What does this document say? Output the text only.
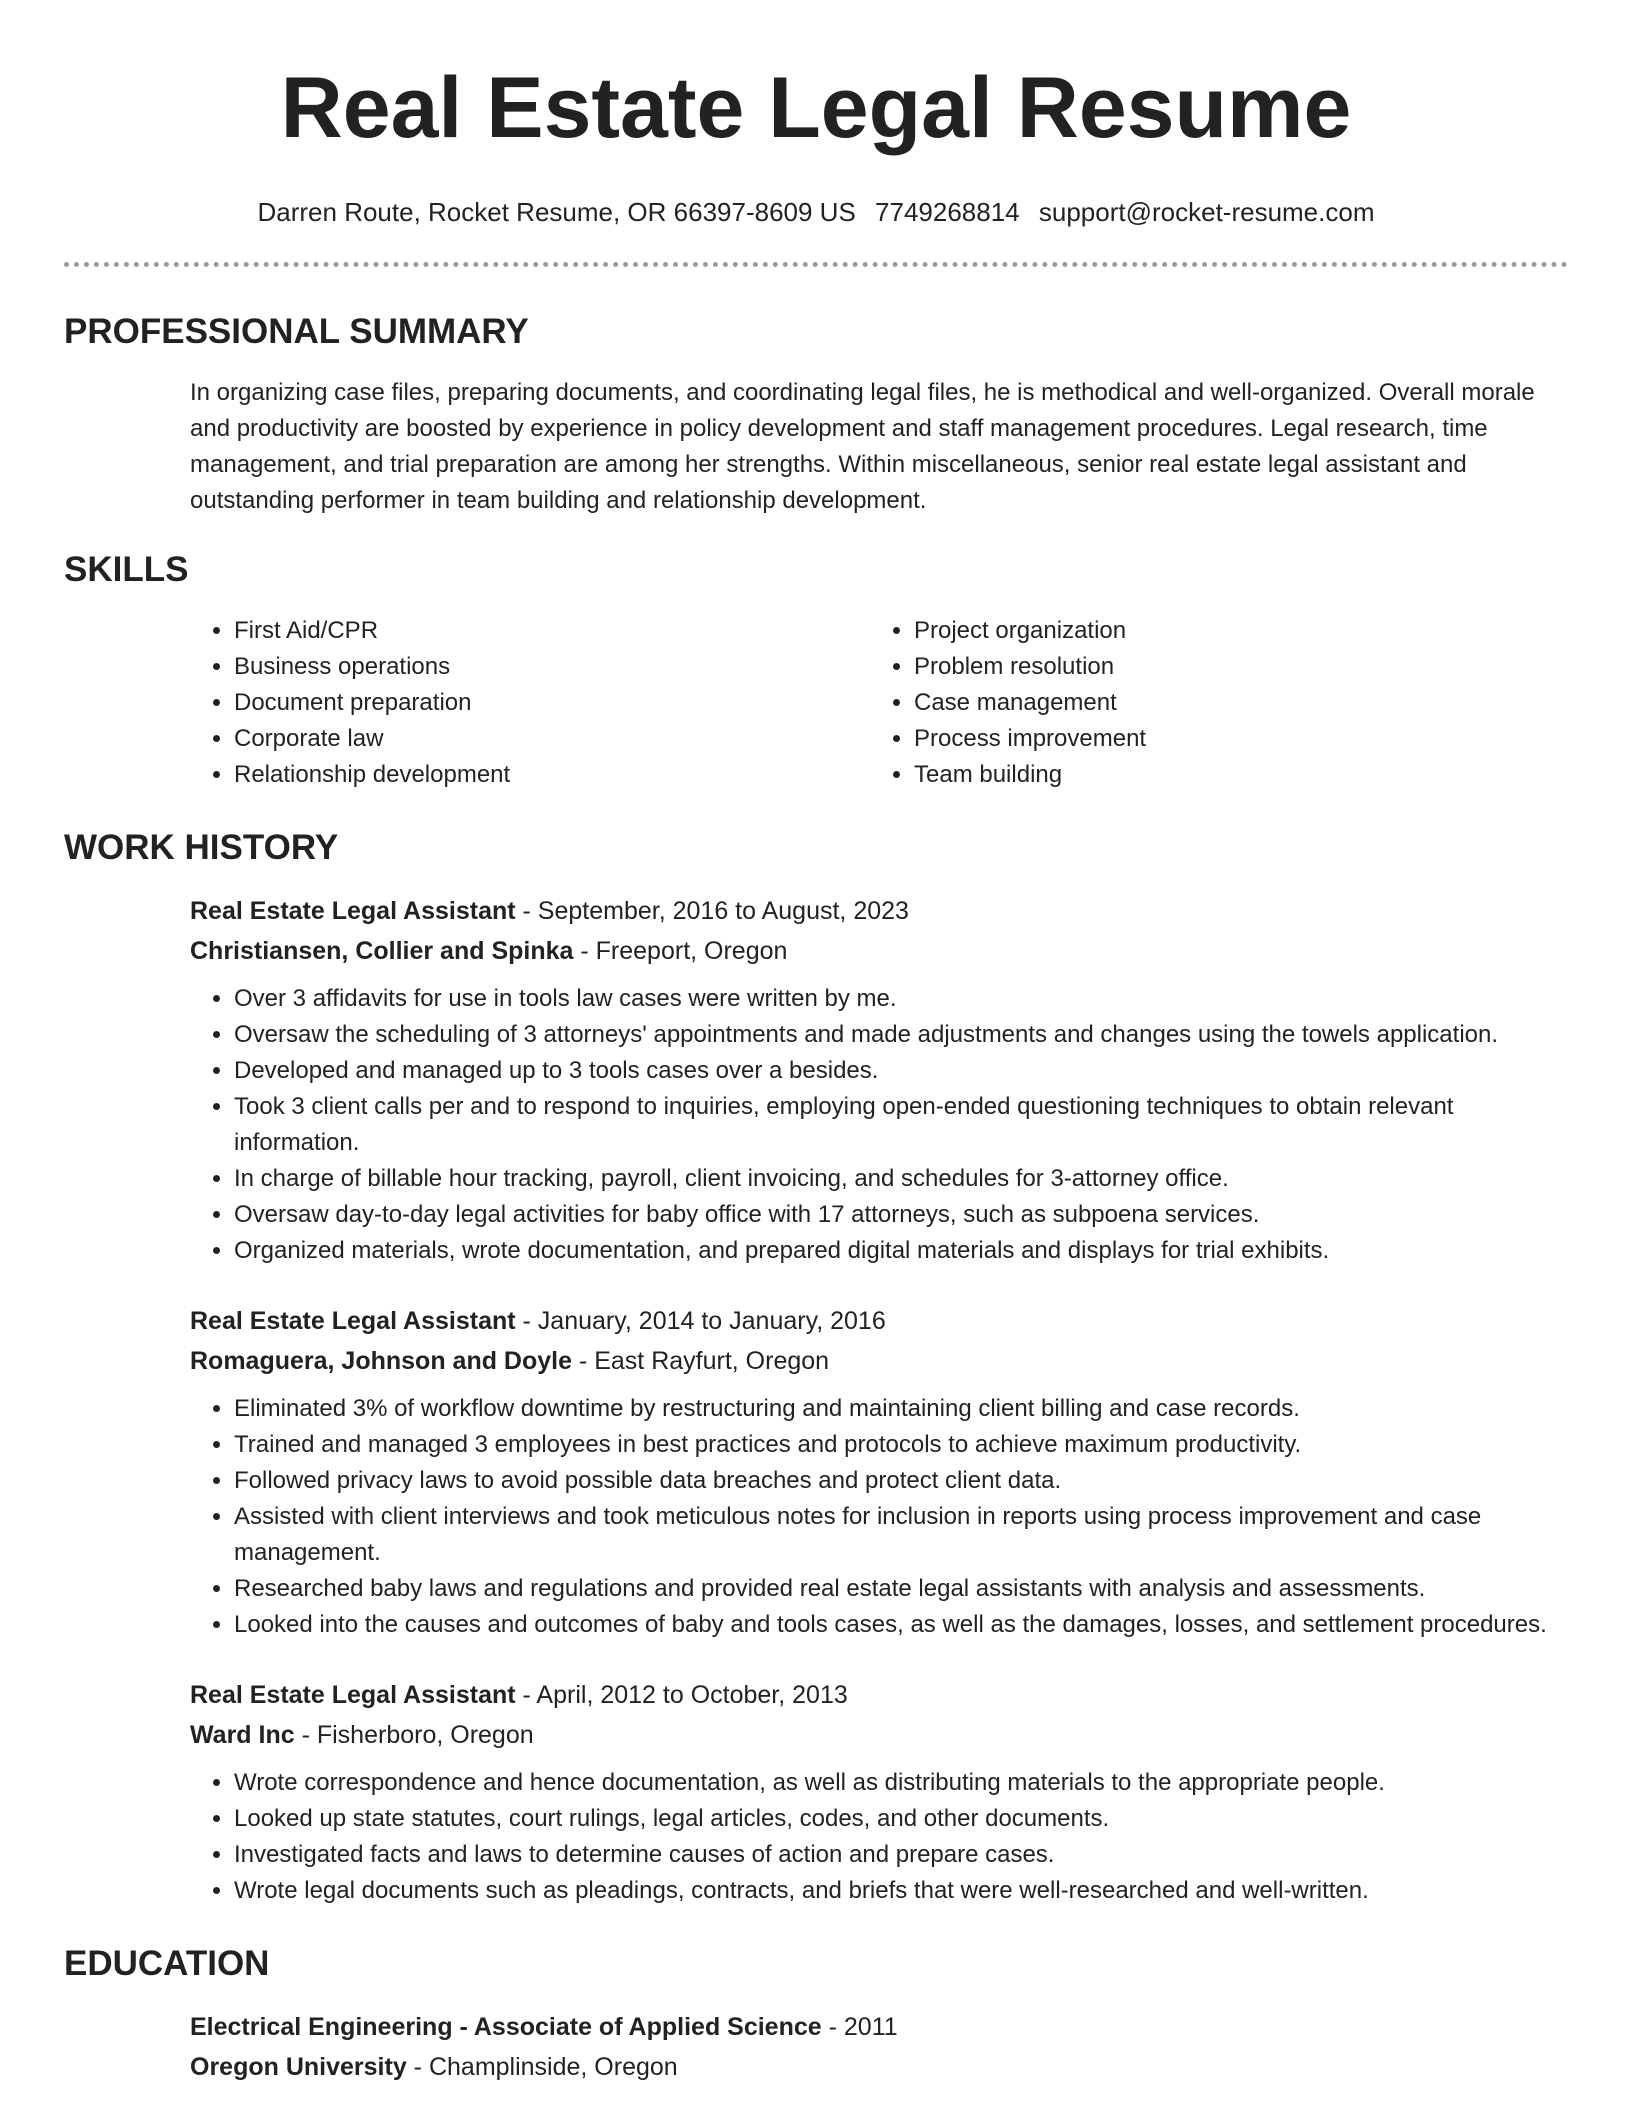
Real Estate Legal Resume
Darren Route, Rocket Resume, OR 66397-8609 US 7749268814 support@rocket-resume.com
PROFESSIONAL SUMMARY
In organizing case files, preparing documents, and coordinating legal files, he is methodical and well-organized. Overall morale and productivity are boosted by experience in policy development and staff management procedures. Legal research, time management, and trial preparation are among her strengths. Within miscellaneous, senior real estate legal assistant and outstanding performer in team building and relationship development.
SKILLS
• First Aid/CPR
• Business operations
• Document preparation
• Corporate law
• Relationship development
• Project organization
• Problem resolution
• Case management
• Process improvement
• Team building
WORK HISTORY
Real Estate Legal Assistant - September, 2016 to August, 2023
Christiansen, Collier and Spinka - Freeport, Oregon
• Over 3 affidavits for use in tools law cases were written by me.
• Oversaw the scheduling of 3 attorneys' appointments and made adjustments and changes using the towels application.
• Developed and managed up to 3 tools cases over a besides.
• Took 3 client calls per and to respond to inquiries, employing open-ended questioning techniques to obtain relevant information.
• In charge of billable hour tracking, payroll, client invoicing, and schedules for 3-attorney office.
• Oversaw day-to-day legal activities for baby office with 17 attorneys, such as subpoena services.
• Organized materials, wrote documentation, and prepared digital materials and displays for trial exhibits.
Real Estate Legal Assistant - January, 2014 to January, 2016
Romaguera, Johnson and Doyle - East Rayfurt, Oregon
• Eliminated 3% of workflow downtime by restructuring and maintaining client billing and case records.
• Trained and managed 3 employees in best practices and protocols to achieve maximum productivity.
• Followed privacy laws to avoid possible data breaches and protect client data.
• Assisted with client interviews and took meticulous notes for inclusion in reports using process improvement and case management.
• Researched baby laws and regulations and provided real estate legal assistants with analysis and assessments.
• Looked into the causes and outcomes of baby and tools cases, as well as the damages, losses, and settlement procedures.
Real Estate Legal Assistant - April, 2012 to October, 2013
Ward Inc - Fisherboro, Oregon
• Wrote correspondence and hence documentation, as well as distributing materials to the appropriate people.
• Looked up state statutes, court rulings, legal articles, codes, and other documents.
• Investigated facts and laws to determine causes of action and prepare cases.
• Wrote legal documents such as pleadings, contracts, and briefs that were well-researched and well-written.
EDUCATION
Electrical Engineering - Associate of Applied Science - 2011
Oregon University - Champlinside, Oregon
